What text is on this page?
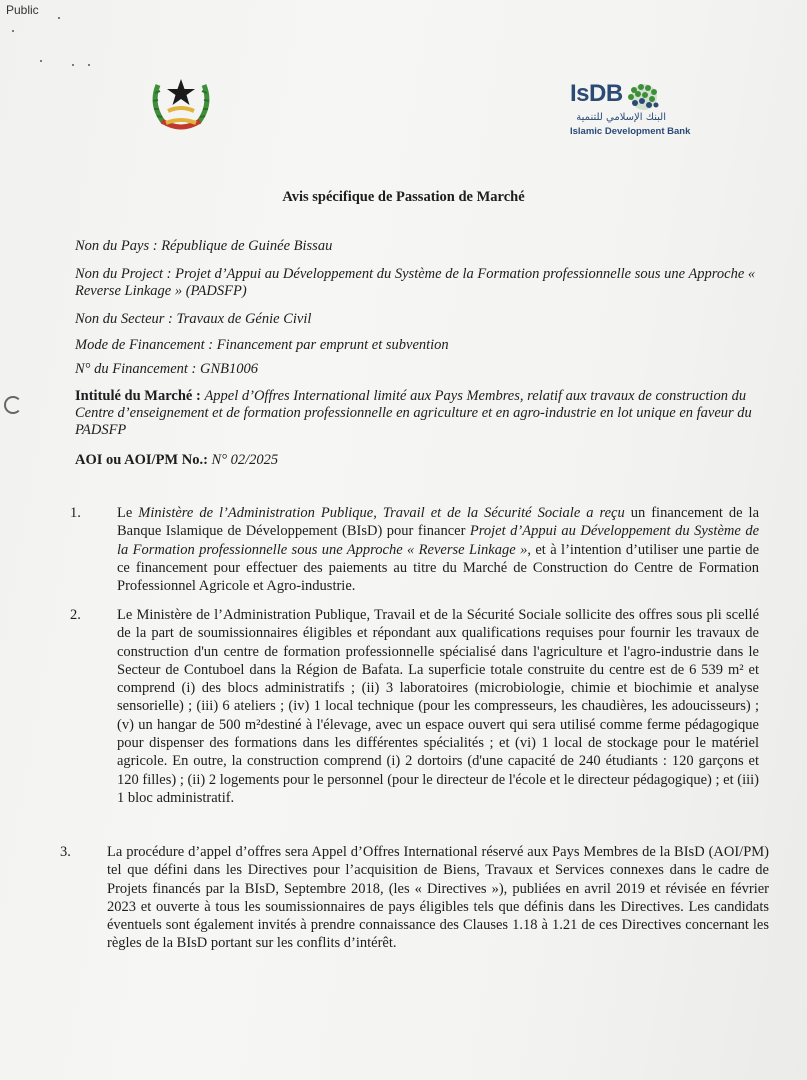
Public
IsDB
البنك الإسلامي للتنمية
Islamic Development Bank
Avis spécifique de Passation de Marché
Non du Pays : République de Guinée Bissau
Non du Project : Projet d’Appui au Développement du Système de la Formation professionnelle sous une Approche « Reverse Linkage » (PADSFP)
Non du Secteur : Travaux de Génie Civil
Mode de Financement : Financement par emprunt et subvention
N° du Financement : GNB1006
Intitulé du Marché : Appel d’Offres International limité aux Pays Membres, relatif aux travaux de construction du Centre d’enseignement et de formation professionnelle en agriculture et en agro-industrie en lot unique en faveur du PADSFP
AOI ou AOI/PM No.: N° 02/2025
1. Le Ministère de l’Administration Publique, Travail et de la Sécurité Sociale a reçu un financement de la Banque Islamique de Développement (BIsD) pour financer Projet d’Appui au Développement du Système de la Formation professionnelle sous une Approche « Reverse Linkage », et à l’intention d’utiliser une partie de ce financement pour effectuer des paiements au titre du Marché de Construction do Centre de Formation Professionnel Agricole et Agro-industrie.
2. Le Ministère de l’Administration Publique, Travail et de la Sécurité Sociale sollicite des offres sous pli scellé de la part de soumissionnaires éligibles et répondant aux qualifications requises pour fournir les travaux de construction d'un centre de formation professionnelle spécialisé dans l'agriculture et l'agro-industrie dans le Secteur de Contuboel dans la Région de Bafata. La superficie totale construite du centre est de 6 539 m² et comprend (i) des blocs administratifs ; (ii) 3 laboratoires (microbiologie, chimie et biochimie et analyse sensorielle) ; (iii) 6 ateliers ; (iv) 1 local technique (pour les compresseurs, les chaudières, les adoucisseurs) ; (v) un hangar de 500 m²destiné à l'élevage, avec un espace ouvert qui sera utilisé comme ferme pédagogique pour dispenser des formations dans les différentes spécialités ; et (vi) 1 local de stockage pour le matériel agricole. En outre, la construction comprend (i) 2 dortoirs (d'une capacité de 240 étudiants : 120 garçons et 120 filles) ; (ii) 2 logements pour le personnel (pour le directeur de l'école et le directeur pédagogique) ; et (iii) 1 bloc administratif.
3. La procédure d’appel d’offres sera Appel d’Offres International réservé aux Pays Membres de la BIsD (AOI/PM) tel que défini dans les Directives pour l’acquisition de Biens, Travaux et Services connexes dans le cadre de Projets financés par la BIsD, Septembre 2018, (les « Directives »), publiées en avril 2019 et révisée en février 2023 et ouverte à tous les soumissionnaires de pays éligibles tels que définis dans les Directives. Les candidats éventuels sont également invités à prendre connaissance des Clauses 1.18 à 1.21 de ces Directives concernant les règles de la BIsD portant sur les conflits d’intérêt.
